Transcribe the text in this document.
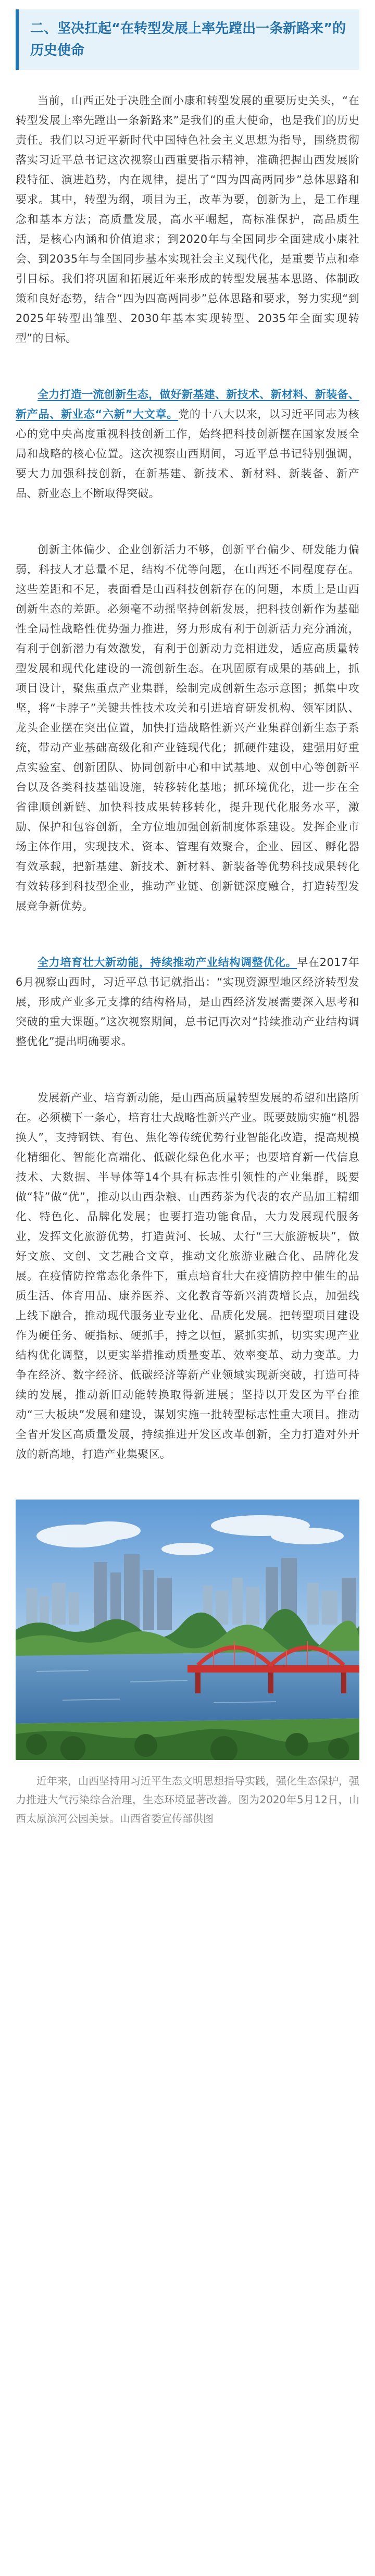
二、坚决扛起“在转型发展上率先蹚出一条新路来”的历史使命

当前，山西正处于决胜全面小康和转型发展的重要历史关头，“在转型发展上率先蹚出一条新路来”是我们的重大使命，也是我们的历史责任。我们以习近平新时代中国特色社会主义思想为指导，围绕贯彻落实习近平总书记这次视察山西重要指示精神，准确把握山西发展阶段特征、演进趋势，内在规律，提出了“四为四高两同步”总体思路和要求。其中，转型为纲，项目为王，改革为要，创新为上，是工作理念和基本方法；高质量发展，高水平崛起，高标准保护，高品质生活，是核心内涵和价值追求；到2020年与全国同步全面建成小康社会、到2035年与全国同步基本实现社会主义现代化，是重要节点和牵引目标。我们将巩固和拓展近年来形成的转型发展基本思路、体制政策和良好态势，结合“四为四高两同步”总体思路和要求，努力实现“到2025年转型出雏型、2030年基本实现转型、2035年全面实现转型”的目标。

全力打造一流创新生态，做好新基建、新技术、新材料、新装备、新产品、新业态“六新”大文章。党的十八大以来，以习近平同志为核心的党中央高度重视科技创新工作，始终把科技创新摆在国家发展全局和战略的核心位置。这次视察山西期间，习近平总书记特别强调，要大力加强科技创新，在新基建、新技术、新材料、新装备、新产品、新业态上不断取得突破。

创新主体偏少、企业创新活力不够，创新平台偏少、研发能力偏弱，科技人才总量不足，结构不优等问题，在山西还不同程度存在。这些差距和不足，表面看是山西科技创新存在的问题，本质上是山西创新生态的差距。必须毫不动摇坚持创新发展，把科技创新作为基础性全局性战略性优势强力推进，努力形成有利于创新活力充分涌流，有利于创新潜力有效激发，有利于创新动力竞相迸发，适应高质量转型发展和现代化建设的一流创新生态。在巩固原有成果的基础上，抓项目设计，聚焦重点产业集群，绘制完成创新生态示意图；抓集中攻坚，将“卡脖子”关键共性技术攻关和引进培育研发机构、领军团队、龙头企业摆在突出位置，加快打造战略性新兴产业集群创新生态子系统，带动产业基础高级化和产业链现代化；抓硬件建设，建强用好重点实验室、创新团队、协同创新中心和中试基地、双创中心等创新平台以及各类科技基础设施，转移转化基地；抓环境优化，进一步在全省律顺创新链、加快科技成果转移转化，提升现代化服务水平，激励、保护和包容创新，全方位地加强创新制度体系建设。发挥企业市场主体作用，实现技术、资本、管理有效聚合，企业、园区、孵化器有效承载，把新基建、新技术、新材料、新装备等优势科技成果转化有效转移到科技型企业，推动产业链、创新链深度融合，打造转型发展竞争新优势。

全力培育壮大新动能，持续推动产业结构调整优化。早在2017年6月视察山西时，习近平总书记就指出：“实现资源型地区经济转型发展，形成产业多元支撑的结构格局，是山西经济发展需要深入思考和突破的重大课题。”这次视察期间，总书记再次对“持续推动产业结构调整优化”提出明确要求。

发展新产业、培育新动能，是山西高质量转型发展的希望和出路所在。必须横下一条心，培育壮大战略性新兴产业。既要鼓励实施“机器换人”，支持钢铁、有色、焦化等传统优势行业智能化改造，提高规模化精细化、智能化高端化、低碳化绿色化水平；也要培育新一代信息技术、大数据、半导体等14个具有标志性引领性的产业集群，既要做“特”做“优”，推动以山西杂粮、山西药茶为代表的农产品加工精细化、特色化、品牌化发展；也要打造功能食品，大力发展现代服务业，发挥文化旅游优势，打造黄河、长城、太行“三大旅游板块”，做好文旅、文创、文艺融合文章，推动文化旅游业融合化、品牌化发展。在疫情防控常态化条件下，重点培育壮大在疫情防控中催生的品质生活、体育用品、康养医养、文化教育等新兴消费增长点，加强线上线下融合，推动现代服务业专业化、品质化发展。把转型项目建设作为硬任务、硬指标、硬抓手，持之以恒，紧抓实抓，切实实现产业结构优化调整，以更实举措推动质量变革、效率变革、动力变革。力争在经济、数字经济、低碳经济等新产业领域实现新突破，打造可持续的发展，推动新旧动能转换取得新进展；坚持以开发区为平台推动“三大板块”发展和建设，谋划实施一批转型标志性重大项目。推动全省开发区高质量发展，持续推进开发区改革创新，全力打造对外开放的新高地，打造产业集聚区。

近年来，山西坚持用习近平生态文明思想指导实践，强化生态保护，强力推进大气污染综合治理，生态环境显著改善。图为2020年5月12日，山西太原滨河公园美景。山西省委宣传部供图
